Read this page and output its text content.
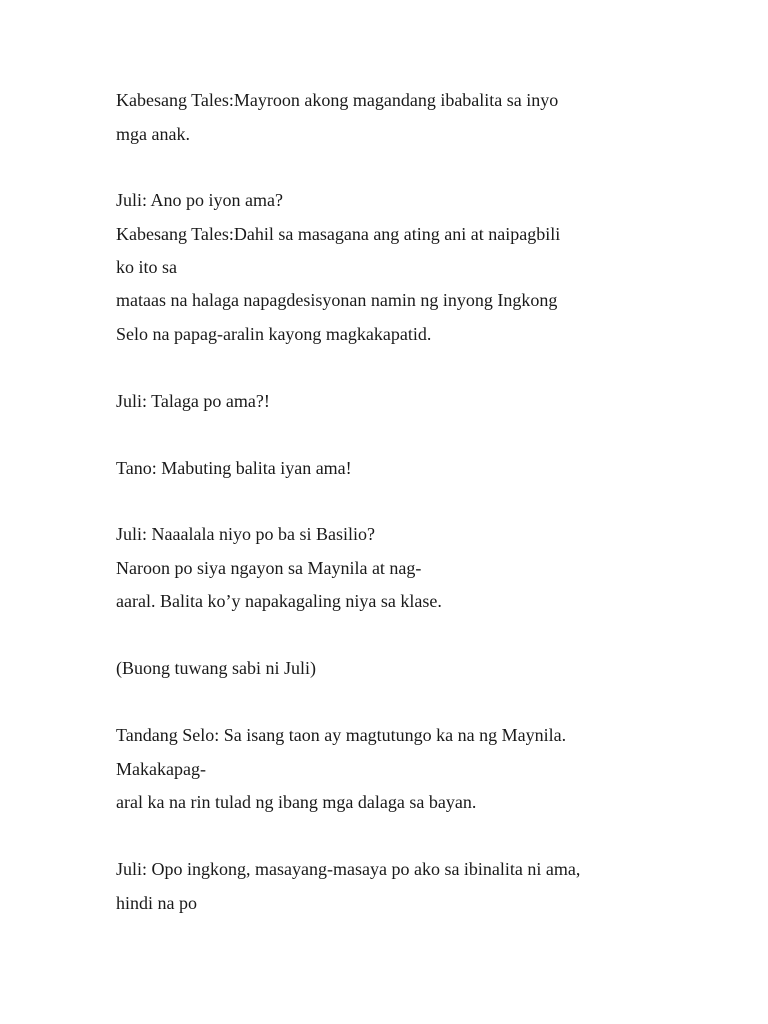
Kabesang Tales:Mayroon akong magandang ibabalita sa inyo

mga anak.

Juli: Ano po iyon ama?

Kabesang Tales:Dahil sa masagana ang ating ani at naipagbili

ko ito sa

mataas na halaga napagdesisyonan namin ng inyong Ingkong

Selo na papag-aralin kayong magkakapatid.

Juli: Talaga po ama?!

Tano: Mabuting balita iyan ama!

Juli: Naaalala niyo po ba si Basilio?

Naroon po siya ngayon sa Maynila at nag-

aaral. Balita ko’y napakagaling niya sa klase.

(Buong tuwang sabi ni Juli)

Tandang Selo: Sa isang taon ay magtutungo ka na ng Maynila.

Makakapag-

aral ka na rin tulad ng ibang mga dalaga sa bayan.

Juli: Opo ingkong, masayang-masaya po ako sa ibinalita ni ama,

hindi na po
